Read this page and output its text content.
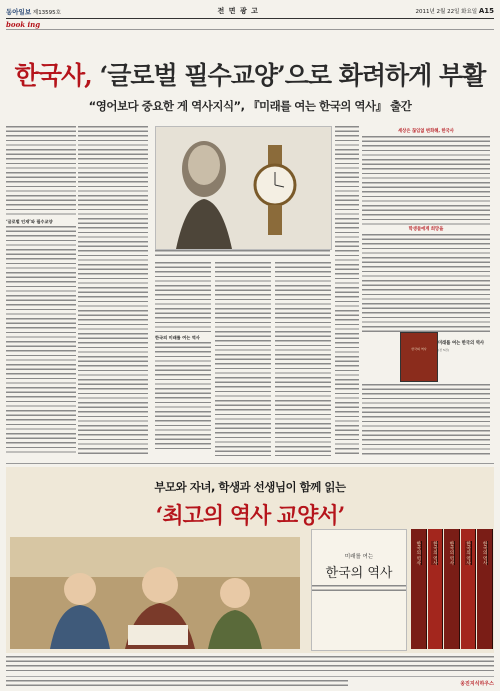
동아일보 제13595호	전 면 광 고	2011년 2월 22일 화요일 A15
book ing
한국사, ‘글로벌 필수교양’으로 화려하게 부활
“영어보다 중요한 게 역사지식”, 『미래를 여는 한국의 역사』 출간
‘글로벌 인재’와 필수교양
한국의 미래를 여는 역사
세상은 끊임없 변화해, 한국사
학생들에게 희망을
한국의 역사
미래를 여는 한국의 역사
(전 5권)
부모와 자녀, 학생과 선생님이 함께 읽는
‘최고의 역사 교양서’
미래를 여는
한국의 역사
한국의 역사	한국의 역사	한국의 역사	한국의 역사	한국의 역사
웅진지식하우스
